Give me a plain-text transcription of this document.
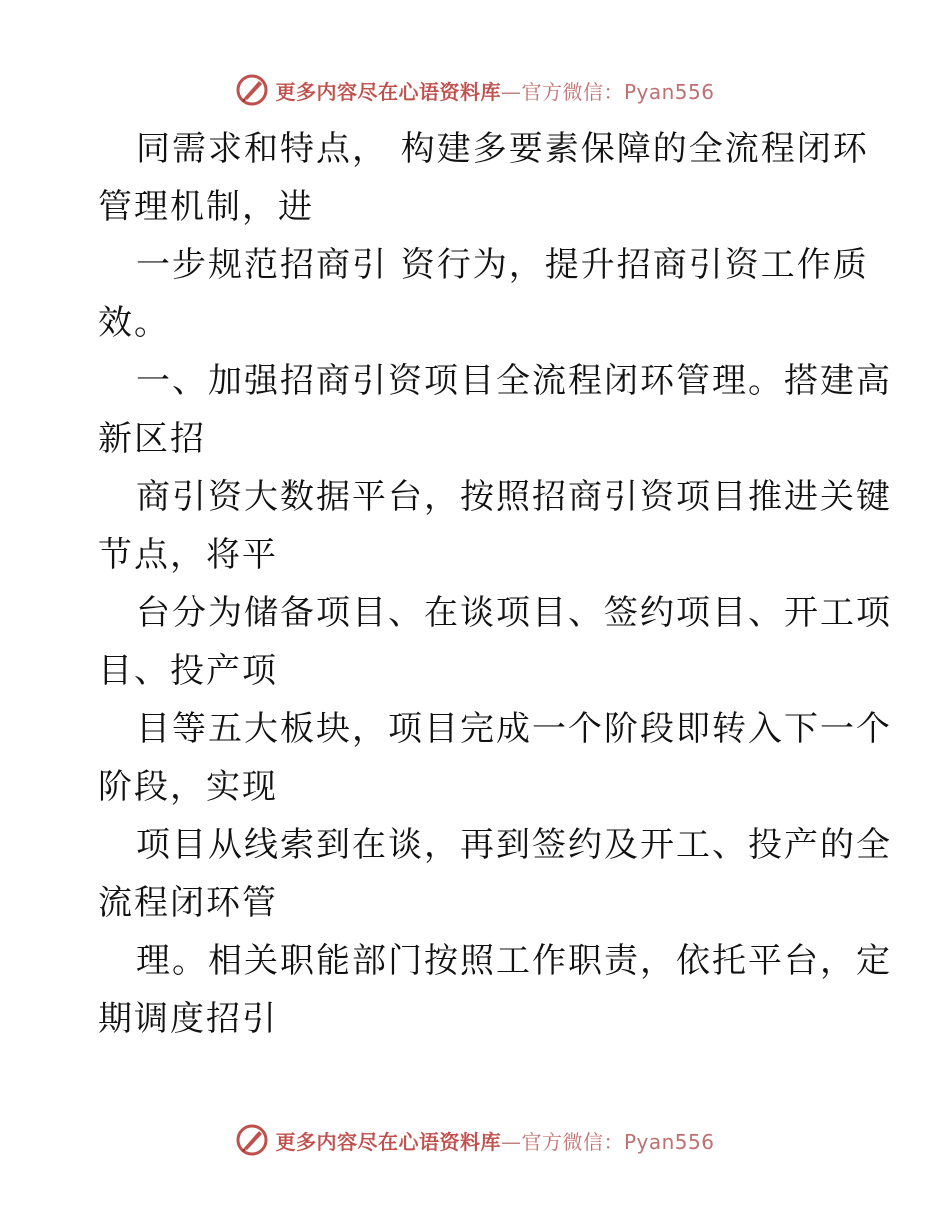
更多内容尽在心语资料库—官方微信：Pyan556
同需求和特点， 构建多要素保障的全流程闭环
管理机制，进
一步规范招商引 资行为，提升招商引资工作质
效。
一、加强招商引资项目全流程闭环管理。搭建高
新区招
商引资大数据平台，按照招商引资项目推进关键
节点，将平
台分为储备项目、在谈项目、签约项目、开工项
目、投产项
目等五大板块，项目完成一个阶段即转入下一个
阶段，实现
项目从线索到在谈，再到签约及开工、投产的全
流程闭环管
理。相关职能部门按照工作职责，依托平台，定
期调度招引
更多内容尽在心语资料库—官方微信：Pyan556
